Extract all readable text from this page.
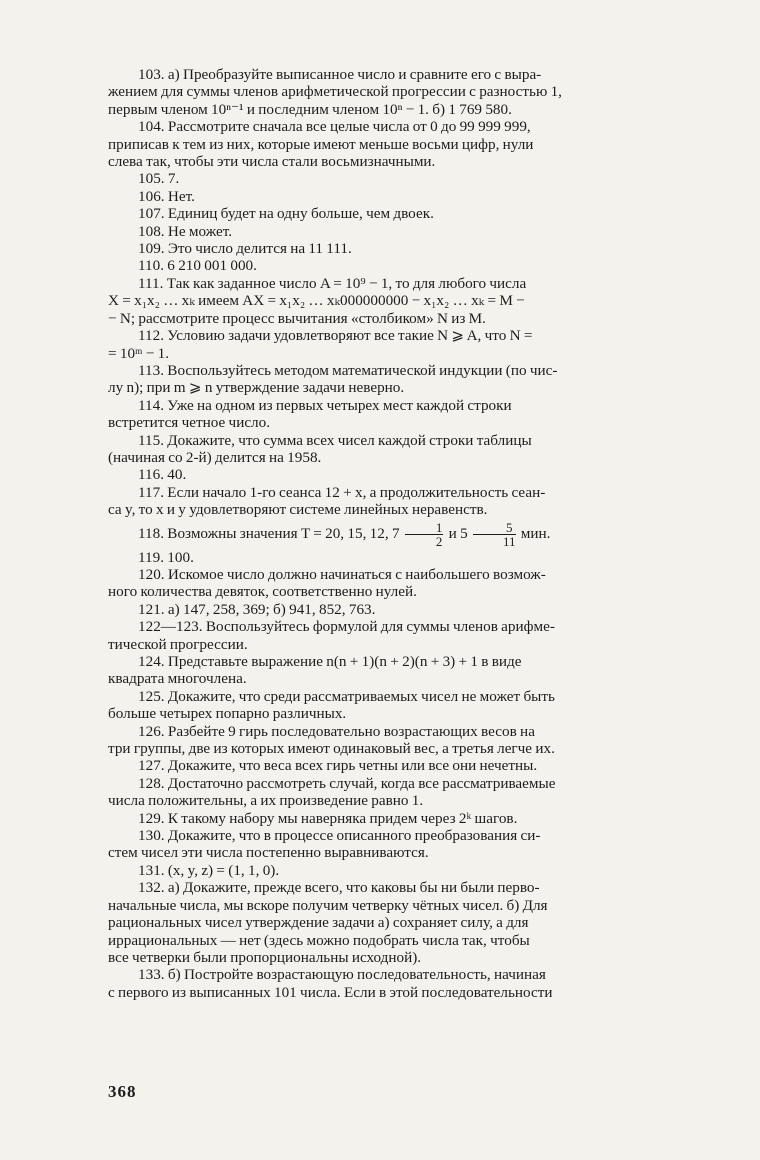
103. а) Преобразуйте выписанное число и сравните его с выра-

жением для суммы членов арифметической прогрессии с разностью 1,

первым членом 10ⁿ⁻¹ и последним членом 10ⁿ − 1. б) 1 769 580.

104. Рассмотрите сначала все целые числа от 0 до 99 999 999,

приписав к тем из них, которые имеют меньше восьми цифр, нули

слева так, чтобы эти числа стали восьмизначными.

105. 7.

106. Нет.

107. Единиц будет на одну больше, чем двоек.

108. Не может.

109. Это число делится на 11 111.

110. 6 210 001 000.

111. Так как заданное число A = 10⁹ − 1, то для любого числа

X = x₁x₂ … xₖ имеем AX = x₁x₂ … xₖ000000000 − x₁x₂ … xₖ = M −

− N; рассмотрите процесс вычитания «столбиком» N из M.

112. Условию задачи удовлетворяют все такие N ⩾ A, что N =

= 10ᵐ − 1.

113. Воспользуйтесь методом математической индукции (по чис-

лу n); при m ⩾ n утверждение задачи неверно.

114. Уже на одном из первых четырех мест каждой строки

встретится четное число.

115. Докажите, что сумма всех чисел каждой строки таблицы

(начиная со 2-й) делится на 1958.

116. 40.

117. Если начало 1-го сеанса 12 + x, а продолжительность сеан-

са y, то x и y удовлетворяют системе линейных неравенств.

118. Возможны значения T = 20, 15, 12, $7 \frac{1}{2}$ и $5 \frac{5}{11}$ мин.

119. 100.

120. Искомое число должно начинаться с наибольшего возмож-

ного количества девяток, соответственно нулей.

121. а) 147, 258, 369; б) 941, 852, 763.

122—123. Воспользуйтесь формулой для суммы членов арифме-

тической прогрессии.

124. Представьте выражение n(n + 1)(n + 2)(n + 3) + 1 в виде

квадрата многочлена.

125. Докажите, что среди рассматриваемых чисел не может быть

больше четырех попарно различных.

126. Разбейте 9 гирь последовательно возрастающих весов на

три группы, две из которых имеют одинаковый вес, а третья легче их.

127. Докажите, что веса всех гирь четны или все они нечетны.

128. Достаточно рассмотреть случай, когда все рассматриваемые

числа положительны, а их произведение равно 1.

129. К такому набору мы наверняка придем через 2ᵏ шагов.

130. Докажите, что в процессе описанного преобразования си-

стем чисел эти числа постепенно выравниваются.

131. (x, y, z) = (1, 1, 0).

132. а) Докажите, прежде всего, что каковы бы ни были перво-

начальные числа, мы вскоре получим четверку чётных чисел. б) Для

рациональных чисел утверждение задачи а) сохраняет силу, а для

иррациональных — нет (здесь можно подобрать числа так, чтобы

все четверки были пропорциональны исходной).

133. б) Постройте возрастающую последовательность, начиная

с первого из выписанных 101 числа. Если в этой последовательности

368
